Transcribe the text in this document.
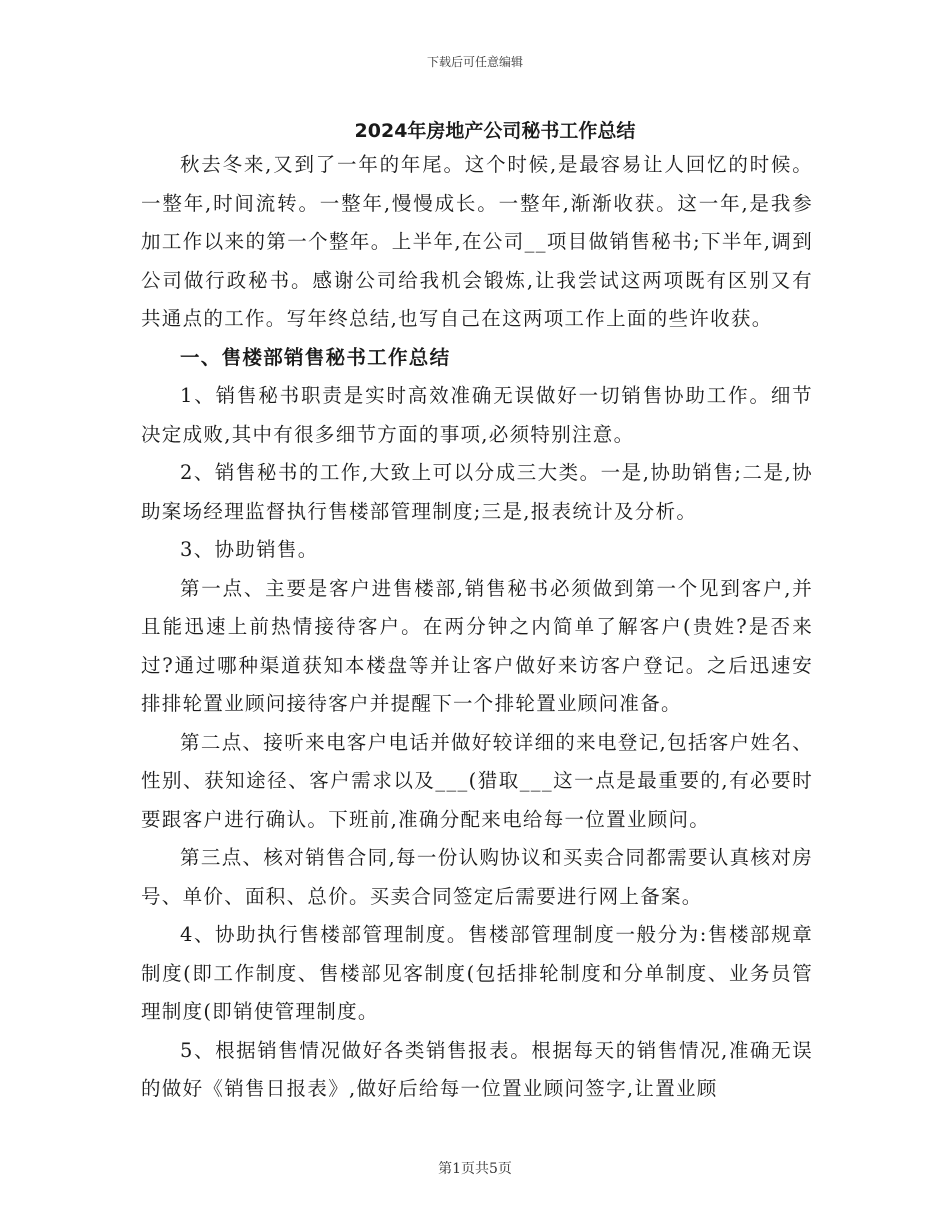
下载后可任意编辑
2024年房地产公司秘书工作总结

秋去冬来,又到了一年的年尾。这个时候,是最容易让人回忆的时候。一整年,时间流转。一整年,慢慢成长。一整年,渐渐收获。这一年,是我参加工作以来的第一个整年。上半年,在公司__项目做销售秘书;下半年,调到公司做行政秘书。感谢公司给我机会锻炼,让我尝试这两项既有区别又有共通点的工作。写年终总结,也写自己在这两项工作上面的些许收获。

一、售楼部销售秘书工作总结

1、销售秘书职责是实时高效准确无误做好一切销售协助工作。细节决定成败,其中有很多细节方面的事项,必须特别注意。

2、销售秘书的工作,大致上可以分成三大类。一是,协助销售;二是,协助案场经理监督执行售楼部管理制度;三是,报表统计及分析。

3、协助销售。

第一点、主要是客户进售楼部,销售秘书必须做到第一个见到客户,并且能迅速上前热情接待客户。在两分钟之内简单了解客户(贵姓?是否来过?通过哪种渠道获知本楼盘等并让客户做好来访客户登记。之后迅速安排排轮置业顾问接待客户并提醒下一个排轮置业顾问准备。

第二点、接听来电客户电话并做好较详细的来电登记,包括客户姓名、性别、获知途径、客户需求以及___(猎取___这一点是最重要的,有必要时要跟客户进行确认。下班前,准确分配来电给每一位置业顾问。

第三点、核对销售合同,每一份认购协议和买卖合同都需要认真核对房号、单价、面积、总价。买卖合同签定后需要进行网上备案。

4、协助执行售楼部管理制度。售楼部管理制度一般分为:售楼部规章制度(即工作制度、售楼部见客制度(包括排轮制度和分单制度、业务员管理制度(即销使管理制度。

5、根据销售情况做好各类销售报表。根据每天的销售情况,准确无误的做好《销售日报表》,做好后给每一位置业顾问签字,让置业顾

第1页共5页
